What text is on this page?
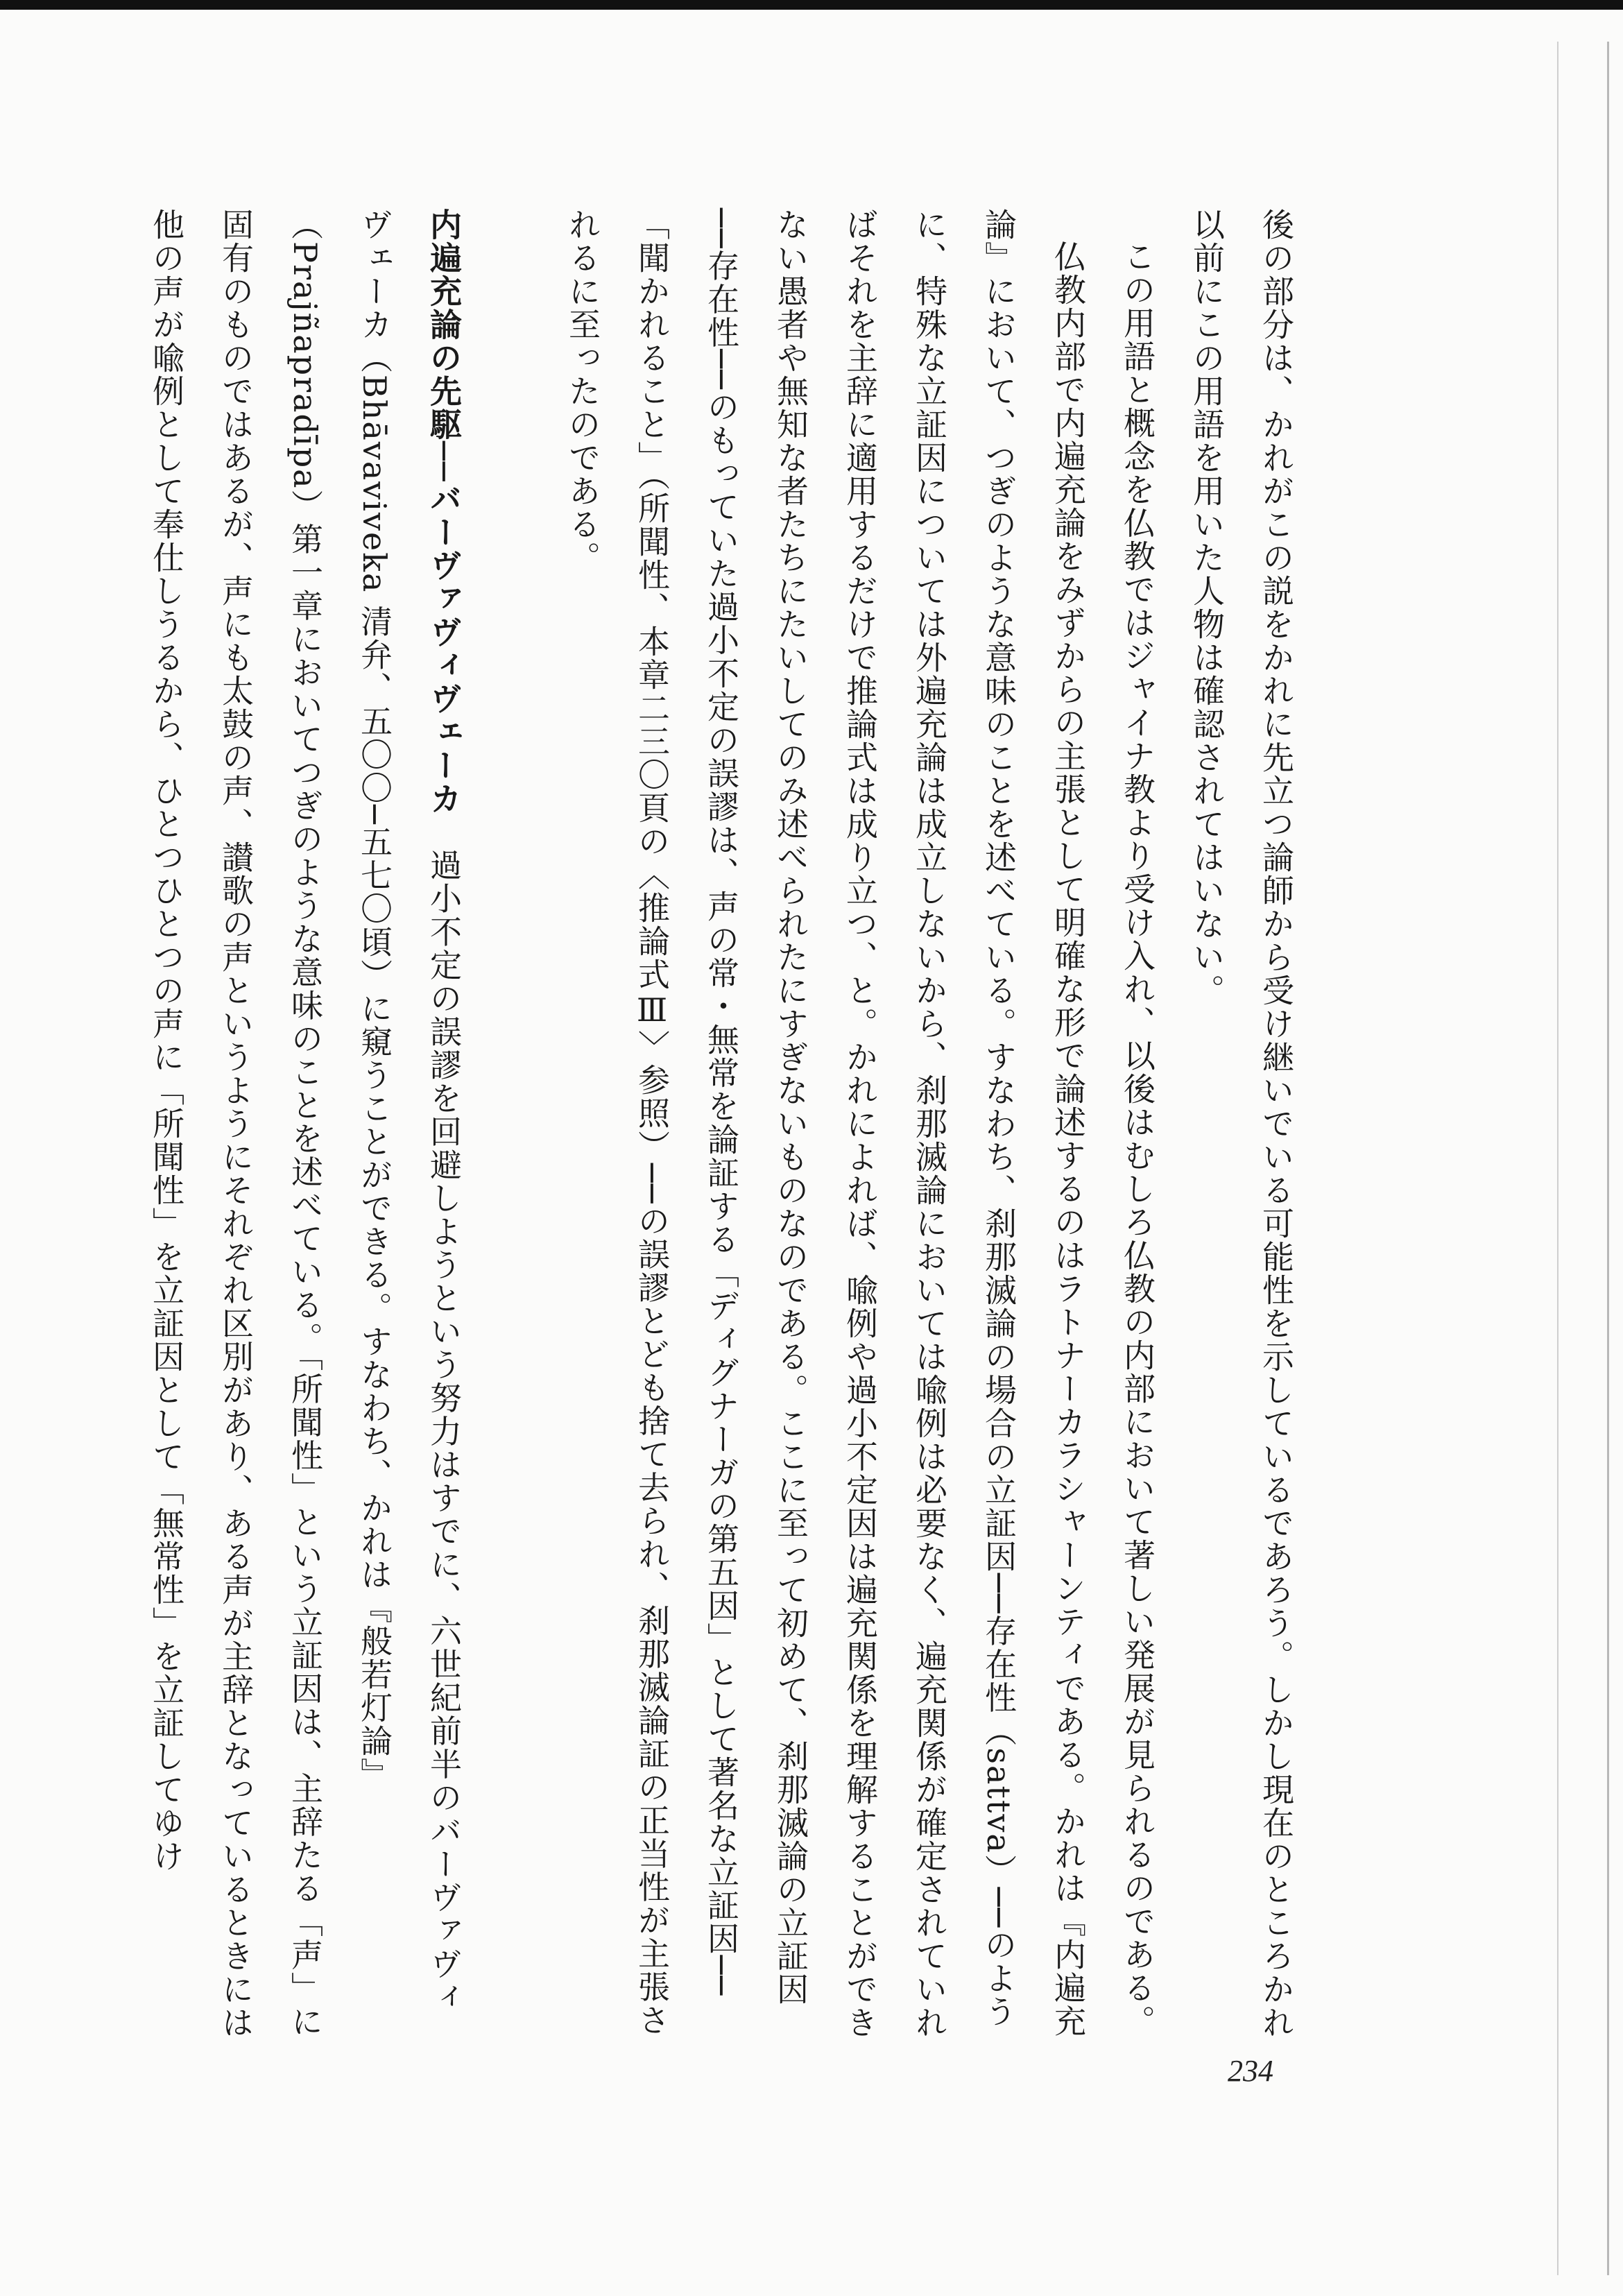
後の部分は、かれがこの説をかれに先立つ論師から受け継いでいる可能性を示しているであろう。しかし現在のところかれ以前にこの用語を用いた人物は確認されてはいない。

この用語と概念を仏教ではジャイナ教より受け入れ、以後はむしろ仏教の内部において著しい発展が見られるのである。

仏教内部で内遍充論をみずからの主張として明確な形で論述するのはラトナーカラシャーンティである。かれは『内遍充論』において、つぎのような意味のことを述べている。すなわち、刹那滅論の場合の立証因──存在性（sattva）──のように、特殊な立証因については外遍充論は成立しないから、刹那滅論においては喩例は必要なく、遍充関係が確定されていればそれを主辞に適用するだけで推論式は成り立つ、と。かれによれば、喩例や過小不定因は遍充関係を理解することができない愚者や無知な者たちにたいしてのみ述べられたにすぎないものなのである。ここに至って初めて、刹那滅論の立証因──存在性──のもっていた過小不定の誤謬は、声の常・無常を論証する「ディグナーガの第五因」として著名な立証因──「聞かれること」（所聞性、本章二三〇頁の〈推論式Ⅲ〉参照）──の誤謬とども捨て去られ、刹那滅論証の正当性が主張されるに至ったのである。

内遍充論の先駆──バーヴァヴィヴェーカ　過小不定の誤謬を回避しようという努力はすでに、六世紀前半のバーヴァヴィヴェーカ（Bhāvaviveka 清弁、五〇〇─五七〇頃）に窺うことができる。すなわち、かれは『般若灯論』（Prajñapradīpa）第一章においてつぎのような意味のことを述べている。「所聞性」という立証因は、主辞たる「声」に固有のものではあるが、声にも太鼓の声、讃歌の声というようにそれぞれ区別があり、ある声が主辞となっているときには他の声が喩例として奉仕しうるから、ひとつひとつの声に「所聞性」を立証因として「無常性」を立証してゆけ

234
